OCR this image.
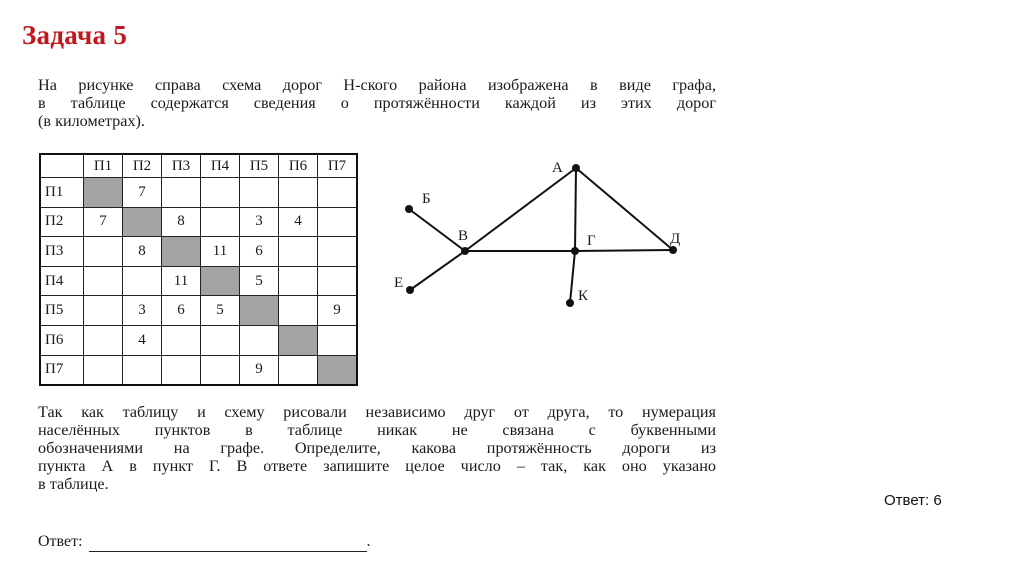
Задача 5
На рисунке справа схема дорог Н-ского района изображена в виде графа,
в таблице содержатся сведения о протяжённости каждой из этих дорог
(в километрах).
	П1	П2	П3	П4	П5	П6	П7
П1		7					
П2	7		8		3	4	
П3		8		11	6		
П4			11		5		
П5		3	6	5			9
П6		4					
П7					9		
А
Б
В	Г	Д
Е
К
Так как таблицу и схему рисовали независимо друг от друга, то нумерация
населённых пунктов в таблице никак не связана с буквенными
обозначениями на графе. Определите, какова протяжённость дороги из
пункта А в пункт Г. В ответе запишите целое число – так, как оно указано
в таблице.
Ответ:	.
Ответ: 6
